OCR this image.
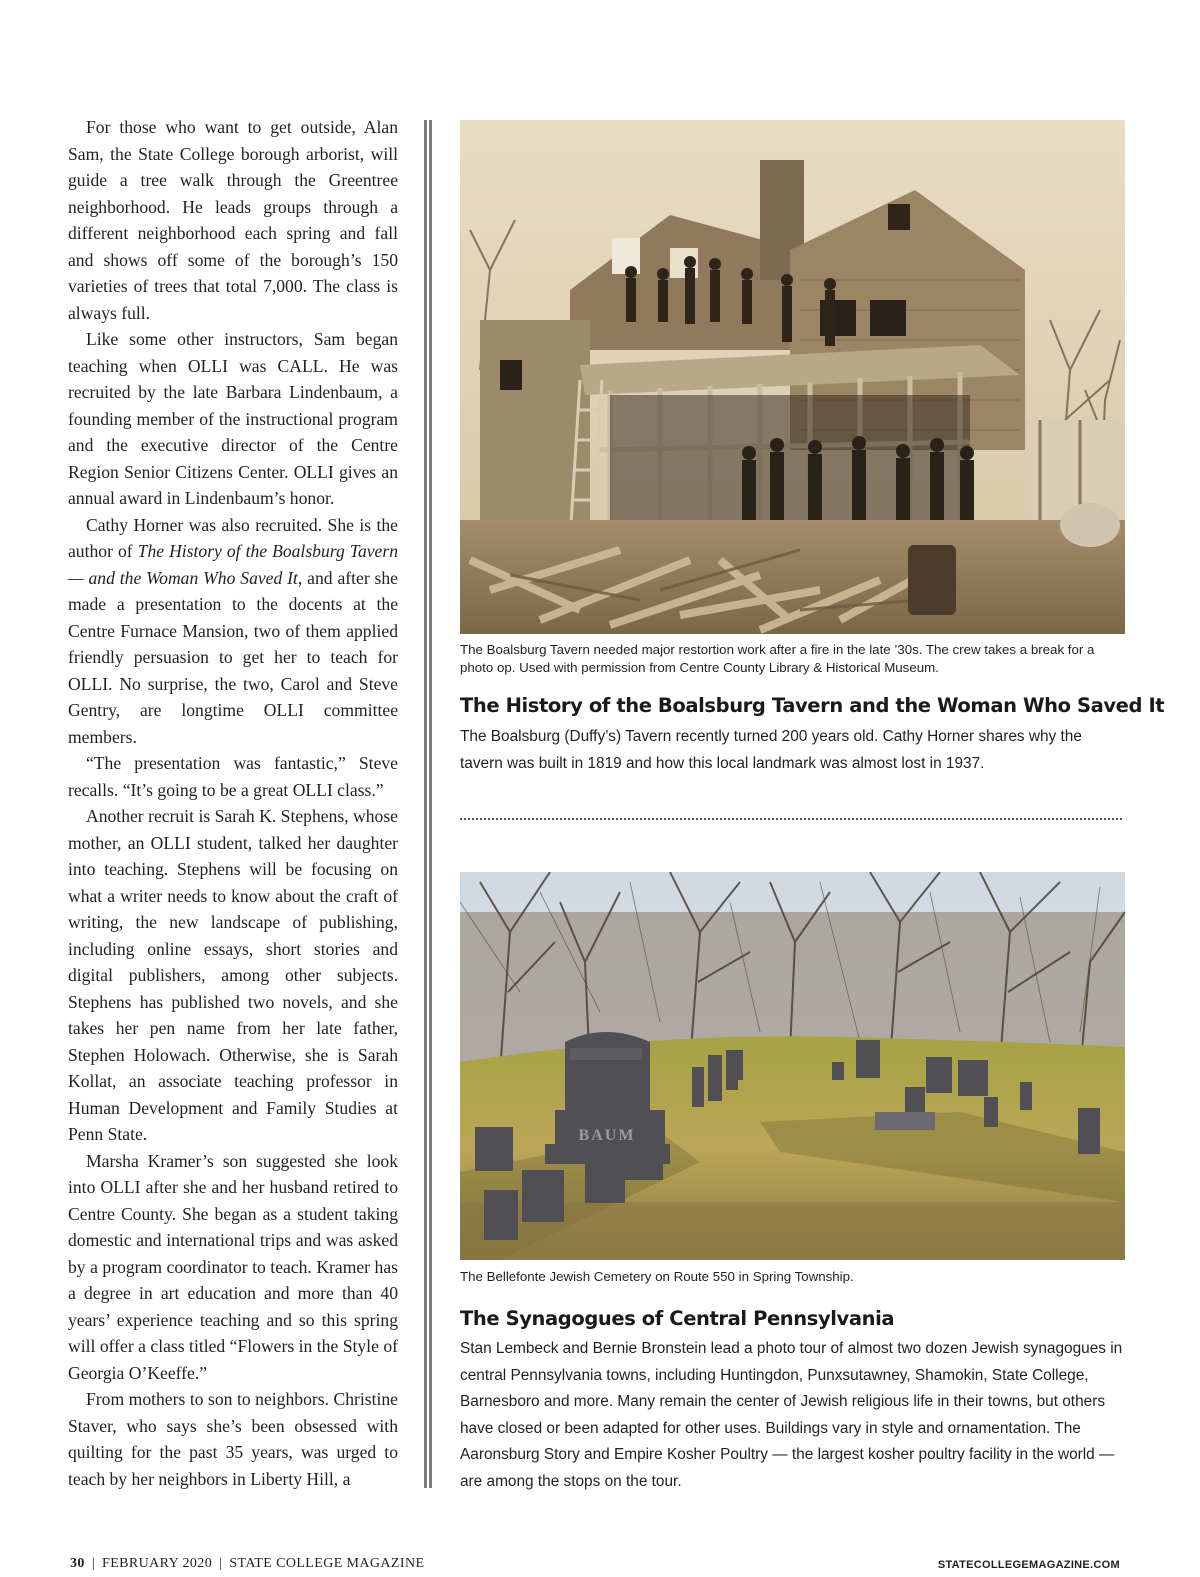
For those who want to get outside, Alan Sam, the State College borough arborist, will guide a tree walk through the Greentree neighborhood. He leads groups through a different neighborhood each spring and fall and shows off some of the borough’s 150 varieties of trees that total 7,000. The class is always full.

Like some other instructors, Sam began teaching when OLLI was CALL. He was recruited by the late Barbara Lindenbaum, a founding member of the instructional program and the executive director of the Centre Region Senior Citizens Center. OLLI gives an annual award in Lindenbaum’s honor.

Cathy Horner was also recruited. She is the author of The History of the Boalsburg Tavern — and the Woman Who Saved It, and after she made a presentation to the docents at the Centre Furnace Mansion, two of them applied friendly persuasion to get her to teach for OLLI. No surprise, the two, Carol and Steve Gentry, are longtime OLLI committee members.

“The presentation was fantastic,” Steve recalls. “It’s going to be a great OLLI class.”

Another recruit is Sarah K. Stephens, whose mother, an OLLI student, talked her daughter into teaching. Stephens will be focusing on what a writer needs to know about the craft of writing, the new landscape of publishing, including online essays, short stories and digital publishers, among other subjects. Stephens has published two novels, and she takes her pen name from her late father, Stephen Holowach. Otherwise, she is Sarah Kollat, an associate teaching professor in Human Development and Family Studies at Penn State.

Marsha Kramer’s son suggested she look into OLLI after she and her husband retired to Centre County. She began as a student taking domestic and international trips and was asked by a program coordinator to teach. Kramer has a degree in art education and more than 40 years’ experience teaching and so this spring will offer a class titled “Flowers in the Style of Georgia O’Keeffe.”

From mothers to son to neighbors. Christine Staver, who says she’s been obsessed with quilting for the past 35 years, was urged to teach by her neighbors in Liberty Hill, a

The Boalsburg Tavern needed major restortion work after a fire in the late ’30s. The crew takes a break for a photo op. Used with permission from Centre County Library & Historical Museum.
The History of the Boalsburg Tavern and the Woman Who Saved It
The Boalsburg (Duffy’s) Tavern recently turned 200 years old. Cathy Horner shares why the tavern was built in 1819 and how this local landmark was almost lost in 1937.
BAUM
The Bellefonte Jewish Cemetery on Route 550 in Spring Township.
The Synagogues of Central Pennsylvania
Stan Lembeck and Bernie Bronstein lead a photo tour of almost two dozen Jewish synagogues in central Pennsylvania towns, including Huntingdon, Punxsutawney, Shamokin, State College, Barnesboro and more. Many remain the center of Jewish religious life in their towns, but others have closed or been adapted for other uses. Buildings vary in style and ornamentation. The Aaronsburg Story and Empire Kosher Poultry — the largest kosher poultry facility in the world — are among the stops on the tour.
30 | FEBRUARY 2020 | STATE COLLEGE MAGAZINE	STATECOLLEGEMAGAZINE.COM
